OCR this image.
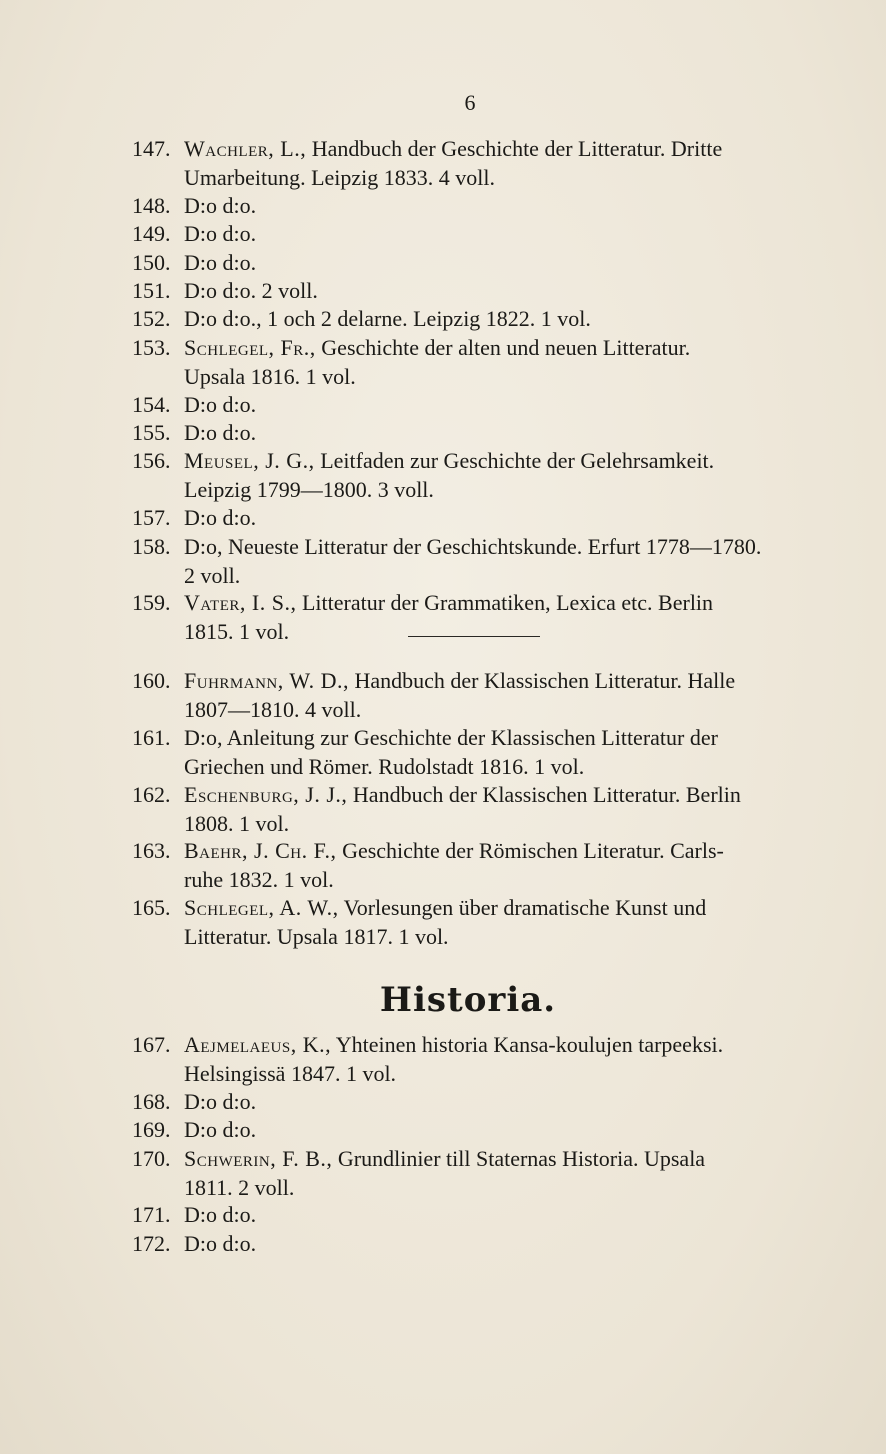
6
147. Wachler, L., Handbuch der Geschichte der Litteratur. Dritte
Umarbeitung. Leipzig 1833. 4 voll.
148. D:o d:o.
149. D:o d:o.
150. D:o d:o.
151. D:o d:o. 2 voll.
152. D:o d:o., 1 och 2 delarne. Leipzig 1822. 1 vol.
153. Schlegel, Fr., Geschichte der alten und neuen Litteratur.
Upsala 1816. 1 vol.
154. D:o d:o.
155. D:o d:o.
156. Meusel, J. G., Leitfaden zur Geschichte der Gelehrsamkeit.
Leipzig 1799—1800. 3 voll.
157. D:o d:o.
158. D:o, Neueste Litteratur der Geschichtskunde. Erfurt 1778—1780.
2 voll.
159. Vater, I. S., Litteratur der Grammatiken, Lexica etc. Berlin
1815. 1 vol.
160. Fuhrmann, W. D., Handbuch der Klassischen Litteratur. Halle
1807—1810. 4 voll.
161. D:o, Anleitung zur Geschichte der Klassischen Litteratur der
Griechen und Römer. Rudolstadt 1816. 1 vol.
162. Eschenburg, J. J., Handbuch der Klassischen Litteratur. Berlin
1808. 1 vol.
163. Baehr, J. Ch. F., Geschichte der Römischen Literatur. Carls-
ruhe 1832. 1 vol.
165. Schlegel, A. W., Vorlesungen über dramatische Kunst und
Litteratur. Upsala 1817. 1 vol.
167. Aejmelaeus, K., Yhteinen historia Kansa-koulujen tarpeeksi.
Helsingissä 1847. 1 vol.
168. D:o d:o.
169. D:o d:o.
170. Schwerin, F. B., Grundlinier till Staternas Historia. Upsala
1811. 2 voll.
171. D:o d:o.
172. D:o d:o.
Historia.
